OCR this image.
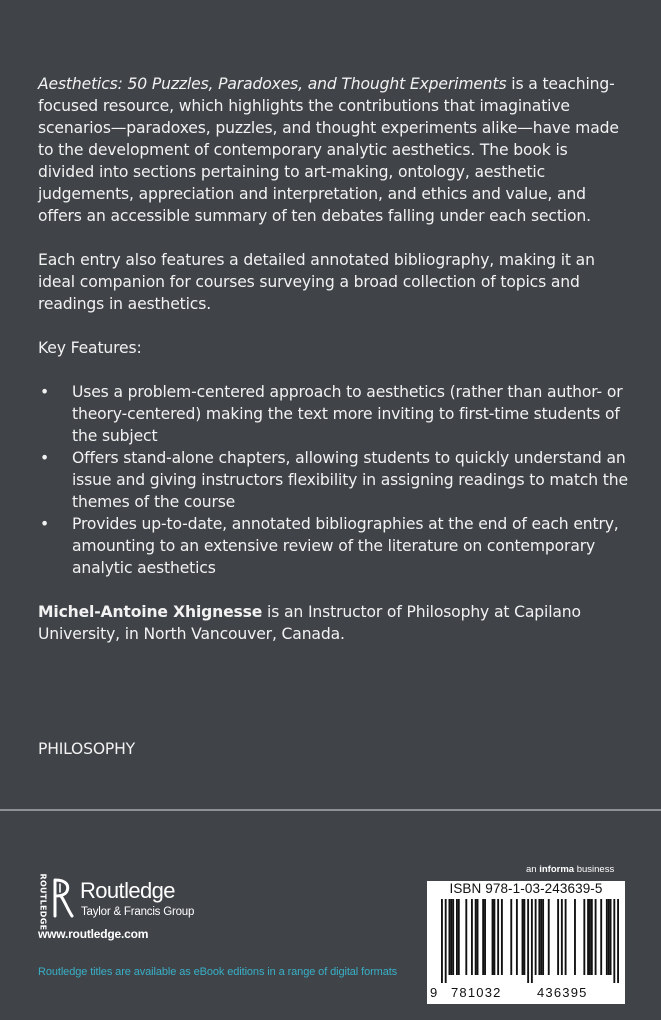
Aesthetics: 50 Puzzles, Paradoxes, and Thought Experiments is a teaching-focused resource, which highlights the contributions that imaginative scenarios—paradoxes, puzzles, and thought experiments alike—have made to the development of contemporary analytic aesthetics. The book is divided into sections pertaining to art-making, ontology, aesthetic judgements, appreciation and interpretation, and ethics and value, and offers an accessible summary of ten debates falling under each section.

Each entry also features a detailed annotated bibliography, making it an ideal companion for courses surveying a broad collection of topics and readings in aesthetics.

Key Features:

• Uses a problem-centered approach to aesthetics (rather than author- or theory-centered) making the text more inviting to first-time students of the subject
• Offers stand-alone chapters, allowing students to quickly understand an issue and giving instructors flexibility in assigning readings to match the themes of the course
• Provides up-to-date, annotated bibliographies at the end of each entry, amounting to an extensive review of the literature on contemporary analytic aesthetics

Michel-Antoine Xhignesse is an Instructor of Philosophy at Capilano University, in North Vancouver, Canada.

PHILOSOPHY
ROUTLEDGE Routledge
Taylor & Francis Group
www.routledge.com
Routledge titles are available as eBook editions in a range of digital formats
an informa business
ISBN 978-1-03-243639-5
9 781032	436395
